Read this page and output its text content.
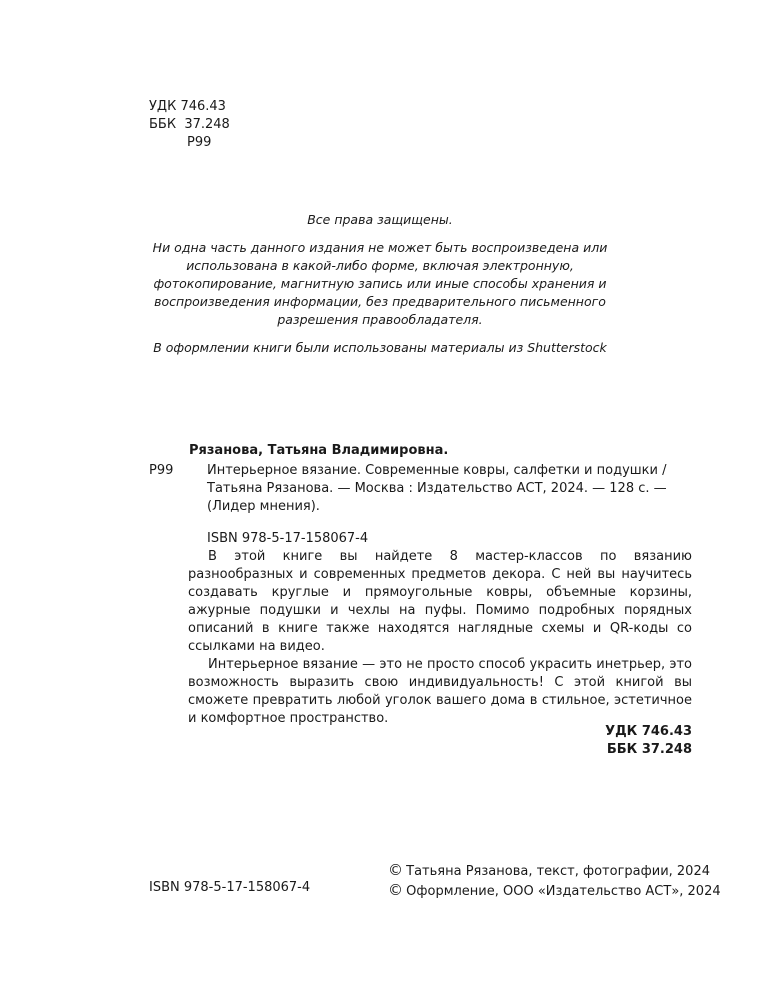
УДК 746.43
ББК  37.248
Р99

Все права защищены.

Ни одна часть данного издания не может быть воспроизведена или использована в какой-либо форме, включая электронную, фотокопирование, магнитную запись или иные способы хранения и воспроизведения информации, без предварительного письменного разрешения правообладателя.

В оформлении книги были использованы материалы из Shutterstock

Рязанова, Татьяна Владимировна.
Р99	Интерьерное вязание. Современные ковры, салфетки и подушки / Татьяна Рязанова. — Москва : Издательство АСТ, 2024. — 128 с. — (Лидер мнения).
ISBN 978-5-17-158067-4

В этой книге вы найдете 8 мастер-классов по вязанию разнообразных и современных предметов декора. С ней вы научитесь создавать круглые и прямоугольные ковры, объемные корзины, ажурные подушки и чехлы на пуфы. Помимо подробных порядных описаний в книге также находятся наглядные схемы и QR-коды со ссылками на видео.

Интерьерное вязание — это не просто способ украсить инетрьер, это возможность выразить свою индивидуальность! С этой книгой вы сможете превратить любой уголок вашего дома в стильное, эстетичное и комфортное пространство.

УДК 746.43
ББК 37.248
ISBN 978-5-17-158067-4
© Татьяна Рязанова, текст, фотографии, 2024
© Оформление, ООО «Издательство АСТ», 2024
